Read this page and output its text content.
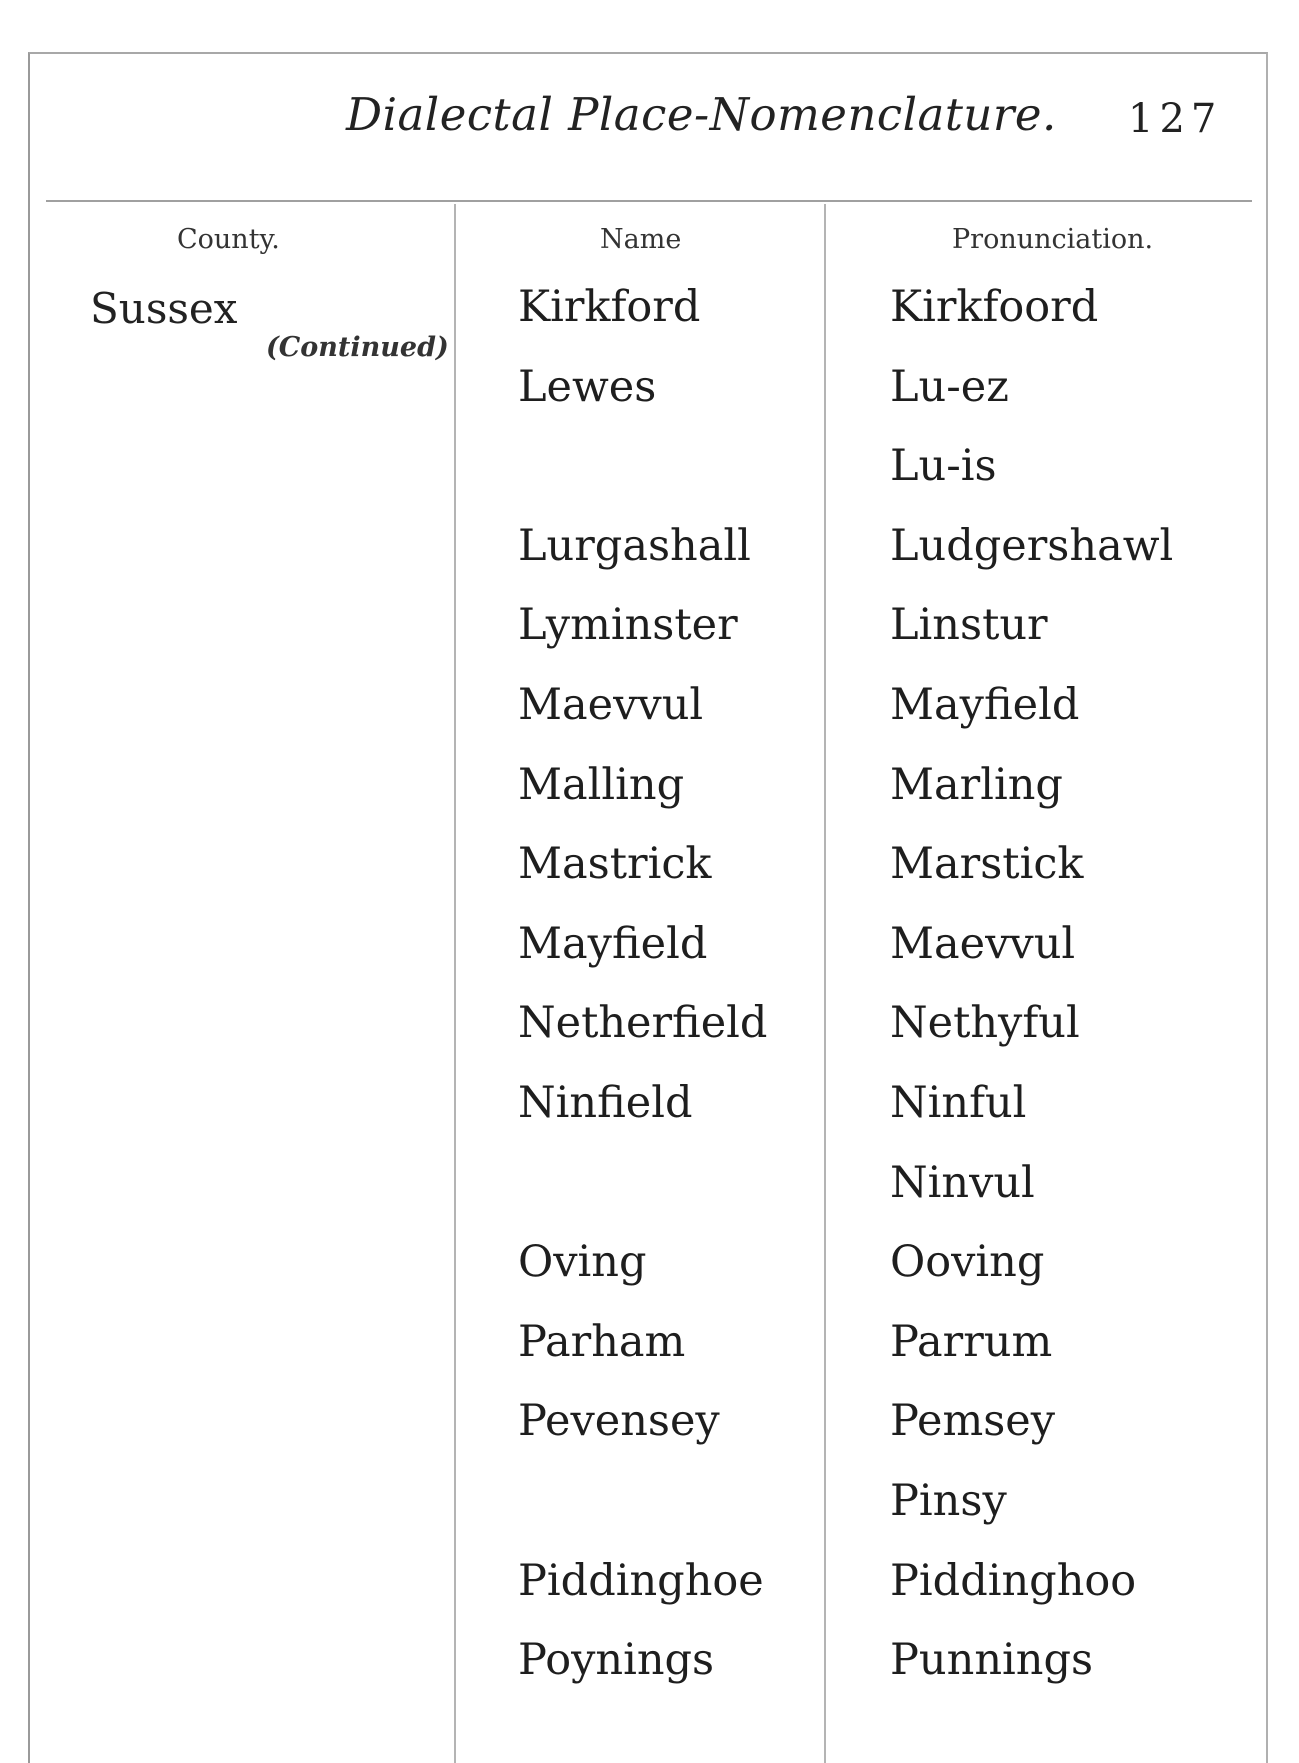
Dialectal Place-Nomenclature. 127
County.	Name	Pronunciation.
Sussex
(Continued)
Kirkford	Kirkfoord
Lewes	Lu-ez
Lu-is
Lurgashall	Ludgershawl
Lyminster	Linstur
Maevvul	Mayfield
Malling	Marling
Mastrick	Marstick
Mayfield	Maevvul
Netherfield	Nethyful
Ninfield	Ninful
Ninvul
Oving	Ooving
Parham	Parrum
Pevensey	Pemsey
Pinsy
Piddinghoe	Piddinghoo
Poynings	Punnings
